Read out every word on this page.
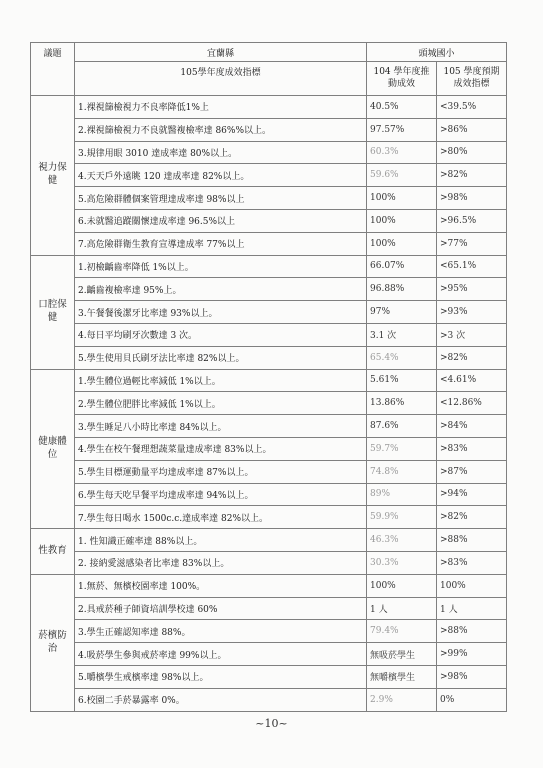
議題	宜蘭縣	頭城國小	
	105學年度成效指標	104 學年度推動成效	105 學度預期成效指標
視力保健	1.裸視篩檢視力不良率降低1%上	40.5%	<39.5%
	2.裸視篩檢視力不良就醫複檢率達 86%%以上。	97.57%	>86%
	3.規律用眼 3010 達成率達 80%以上。	60.3%	>80%
	4.天天戶外遠眺 120 達成率達 82%以上。	59.6%	>82%
	5.高危險群體個案管理達成率達 98%以上	100%	>98%
	6.未就醫追蹤關懷達成率達 96.5%以上	100%	>96.5%
	7.高危險群衛生教育宣導達成率 77%以上	100%	>77%
口腔保健	1.初檢齲齒率降低 1%以上。	66.07%	<65.1%
	2.齲齒複檢率達 95%上。	96.88%	>95%
	3.午餐餐後潔牙比率達 93%以上。	97%	>93%
	4.每日平均刷牙次數達 3 次。	3.1 次	>3 次
	5.學生使用貝氏刷牙法比率達 82%以上。	65.4%	>82%
健康體位	1.學生體位過輕比率減低 1%以上。	5.61%	<4.61%
	2.學生體位肥胖比率減低 1%以上。	13.86%	<12.86%
	3.學生睡足八小時比率達 84%以上。	87.6%	>84%
	4.學生在校午餐理想蔬菜量達成率達 83%以上。	59.7%	>83%
	5.學生目標運動量平均達成率達 87%以上。	74.8%	>87%
	6.學生每天吃早餐平均達成率達 94%以上。	89%	>94%
	7.學生每日喝水 1500c.c.達成率達 82%以上。	59.9%	>82%
性教育	1. 性知識正確率達 88%以上。	46.3%	>88%
	2. 接納愛滋感染者比率達 83%以上。	30.3%	>83%
菸檳防治	1.無菸、無檳校園率達 100%。	100%	100%
	2.具戒菸種子師資培訓學校達 60%	1 人	1 人
	3.學生正確認知率達 88%。	79.4%	>88%
	4.吸菸學生參與戒菸率達 99%以上。	無吸菸學生	>99%
	5.嚼檳學生戒檳率達 98%以上。	無嚼檳學生	>98%
	6.校園二手菸暴露率 0%。	2.9%	0%
~10~
